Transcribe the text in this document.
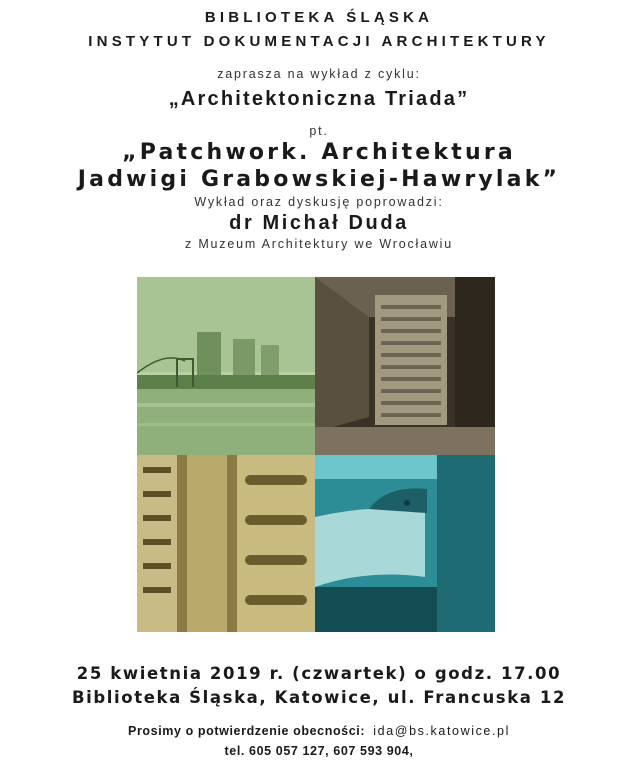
BIBLIOTEKA ŚLĄSKA
INSTYTUT DOKUMENTACJI ARCHITEKTURY
zaprasza na wykład z cyklu:
„Architektoniczna Triada”
pt.
„Patchwork. Architektura
Jadwigi Grabowskiej-Hawrylak”
Wykład oraz dyskusję poprowadzi:
dr Michał Duda
z Muzeum Architektury we Wrocławiu
25 kwietnia 2019 r. (czwartek) o godz. 17.00
Biblioteka Śląska, Katowice, ul. Francuska 12
Prosimy o potwierdzenie obecności: ida@bs.katowice.pl
tel. 605 057 127, 607 593 904,
